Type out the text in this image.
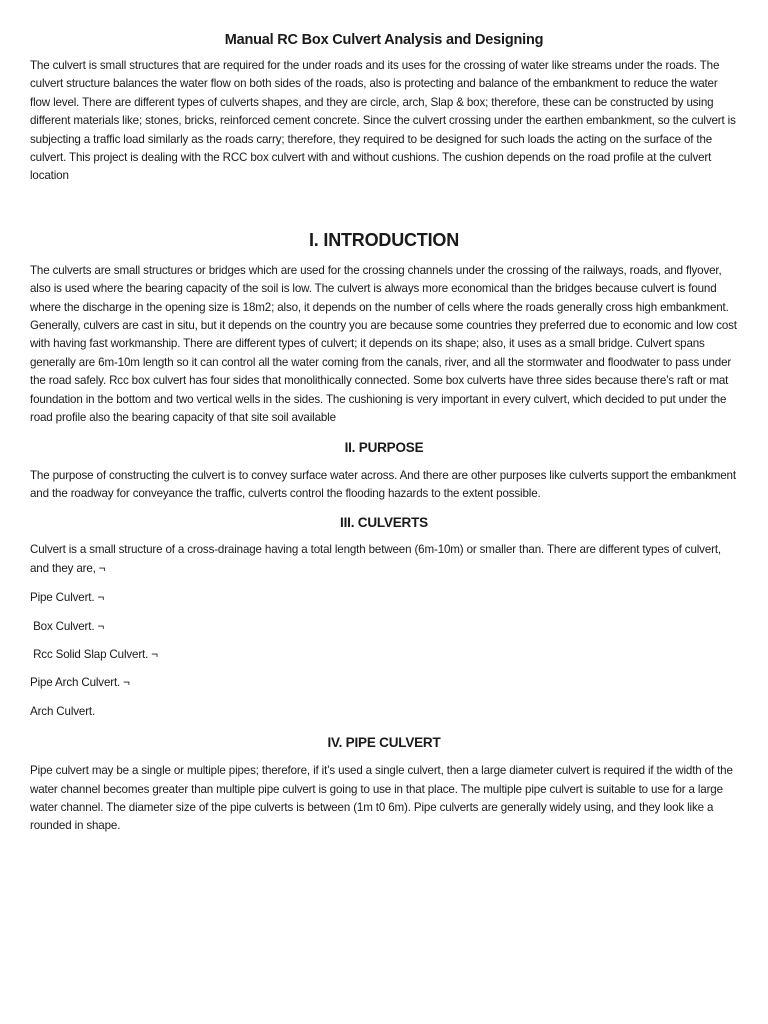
Manual RC Box Culvert Analysis and Designing

The culvert is small structures that are required for the under roads and its uses for the crossing of water like streams under the roads. The culvert structure balances the water flow on both sides of the roads, also is protecting and balance of the embankment to reduce the water flow level. There are different types of culverts shapes, and they are circle, arch, Slap & box; therefore, these can be constructed by using different materials like; stones, bricks, reinforced cement concrete. Since the culvert crossing under the earthen embankment, so the culvert is subjecting a traffic load similarly as the roads carry; therefore, they required to be designed for such loads the acting on the surface of the culvert. This project is dealing with the RCC box culvert with and without cushions. The cushion depends on the road profile at the culvert location

I. INTRODUCTION

The culverts are small structures or bridges which are used for the crossing channels under the crossing of the railways, roads, and flyover, also is used where the bearing capacity of the soil is low. The culvert is always more economical than the bridges because culvert is found where the discharge in the opening size is 18m2; also, it depends on the number of cells where the roads generally cross high embankment. Generally, culvers are cast in situ, but it depends on the country you are because some countries they preferred due to economic and low cost with having fast workmanship. There are different types of culvert; it depends on its shape; also, it uses as a small bridge. Culvert spans generally are 6m-10m length so it can control all the water coming from the canals, river, and all the stormwater and floodwater to pass under the road safely. Rcc box culvert has four sides that monolithically connected. Some box culverts have three sides because there’s raft or mat foundation in the bottom and two vertical wells in the sides. The cushioning is very important in every culvert, which decided to put under the road profile also the bearing capacity of that site soil available

II. PURPOSE

The purpose of constructing the culvert is to convey surface water across. And there are other purposes like culverts support the embankment and the roadway for conveyance the traffic, culverts control the flooding hazards to the extent possible.

III. CULVERTS

Culvert is a small structure of a cross-drainage having a total length between (6m-10m) or smaller than. There are different types of culvert, and they are, ¬

Pipe Culvert. ¬
Box Culvert. ¬
Rcc Solid Slap Culvert. ¬
Pipe Arch Culvert. ¬
Arch Culvert.
IV. PIPE CULVERT

Pipe culvert may be a single or multiple pipes; therefore, if it’s used a single culvert, then a large diameter culvert is required if the width of the water channel becomes greater than multiple pipe culvert is going to use in that place. The multiple pipe culvert is suitable to use for a large water channel. The diameter size of the pipe culverts is between (1m t0 6m). Pipe culverts are generally widely using, and they look like a rounded in shape.
